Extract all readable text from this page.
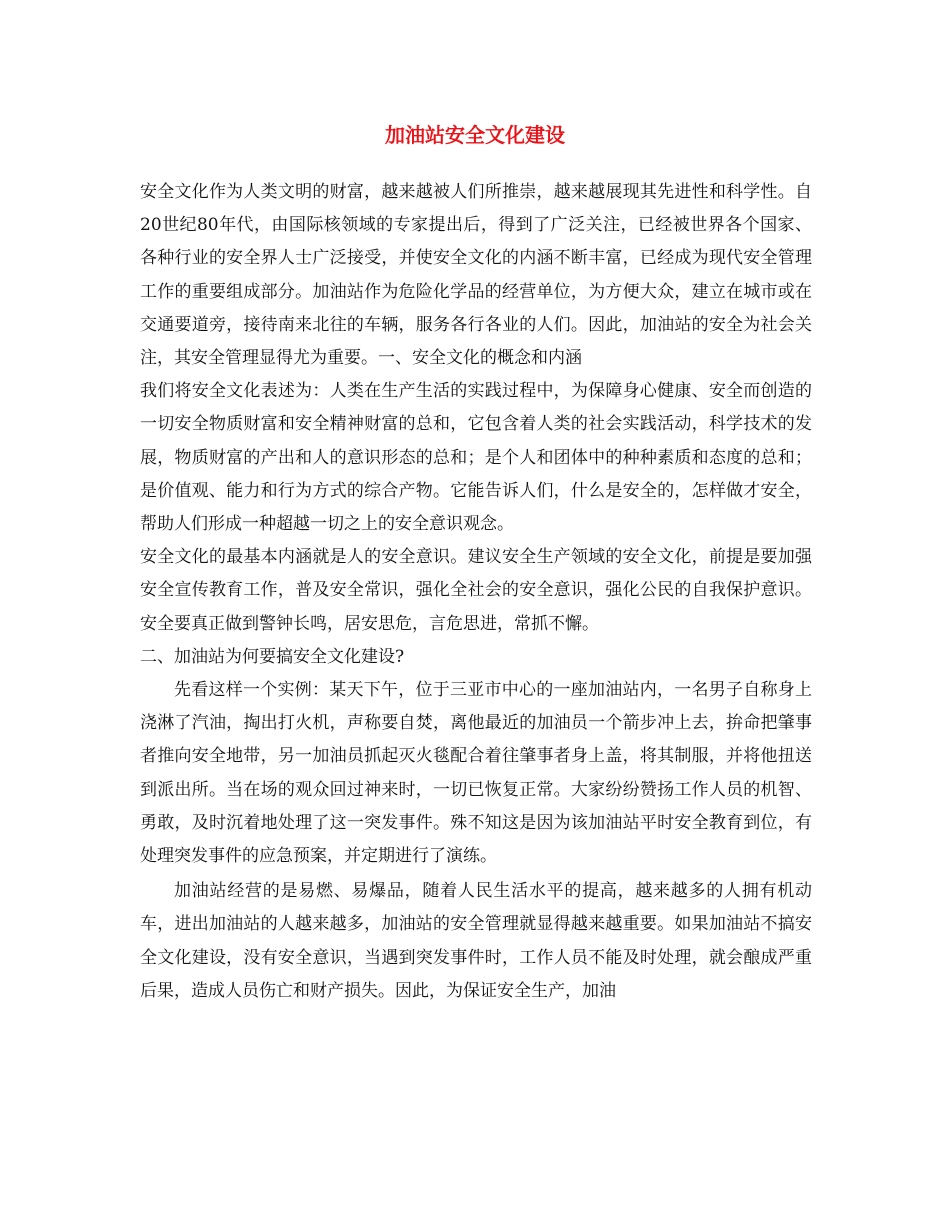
加油站安全文化建设

安全文化作为人类文明的财富，越来越被人们所推崇，越来越展现其先进性和科学性。自20世纪80年代，由国际核领域的专家提出后，得到了广泛关注，已经被世界各个国家、各种行业的安全界人士广泛接受，并使安全文化的内涵不断丰富，已经成为现代安全管理工作的重要组成部分。加油站作为危险化学品的经营单位，为方便大众，建立在城市或在交通要道旁，接待南来北往的车辆，服务各行各业的人们。因此，加油站的安全为社会关注，其安全管理显得尤为重要。一、安全文化的概念和内涵

我们将安全文化表述为：人类在生产生活的实践过程中，为保障身心健康、安全而创造的一切安全物质财富和安全精神财富的总和，它包含着人类的社会实践活动，科学技术的发展，物质财富的产出和人的意识形态的总和；是个人和团体中的种种素质和态度的总和；是价值观、能力和行为方式的综合产物。它能告诉人们，什么是安全的，怎样做才安全，帮助人们形成一种超越一切之上的安全意识观念。

安全文化的最基本内涵就是人的安全意识。建议安全生产领域的安全文化，前提是要加强安全宣传教育工作，普及安全常识，强化全社会的安全意识，强化公民的自我保护意识。安全要真正做到警钟长鸣，居安思危，言危思进，常抓不懈。

二、加油站为何要搞安全文化建设?

先看这样一个实例：某天下午，位于三亚市中心的一座加油站内，一名男子自称身上浇淋了汽油，掏出打火机，声称要自焚，离他最近的加油员一个箭步冲上去，拚命把肇事者推向安全地带，另一加油员抓起灭火毯配合着往肇事者身上盖，将其制服，并将他扭送到派出所。当在场的观众回过神来时，一切已恢复正常。大家纷纷赞扬工作人员的机智、勇敢，及时沉着地处理了这一突发事件。殊不知这是因为该加油站平时安全教育到位，有处理突发事件的应急预案，并定期进行了演练。

加油站经营的是易燃、易爆品，随着人民生活水平的提高，越来越多的人拥有机动车，进出加油站的人越来越多，加油站的安全管理就显得越来越重要。如果加油站不搞安全文化建设，没有安全意识，当遇到突发事件时，工作人员不能及时处理，就会酿成严重后果，造成人员伤亡和财产损失。因此，为保证安全生产，加油
